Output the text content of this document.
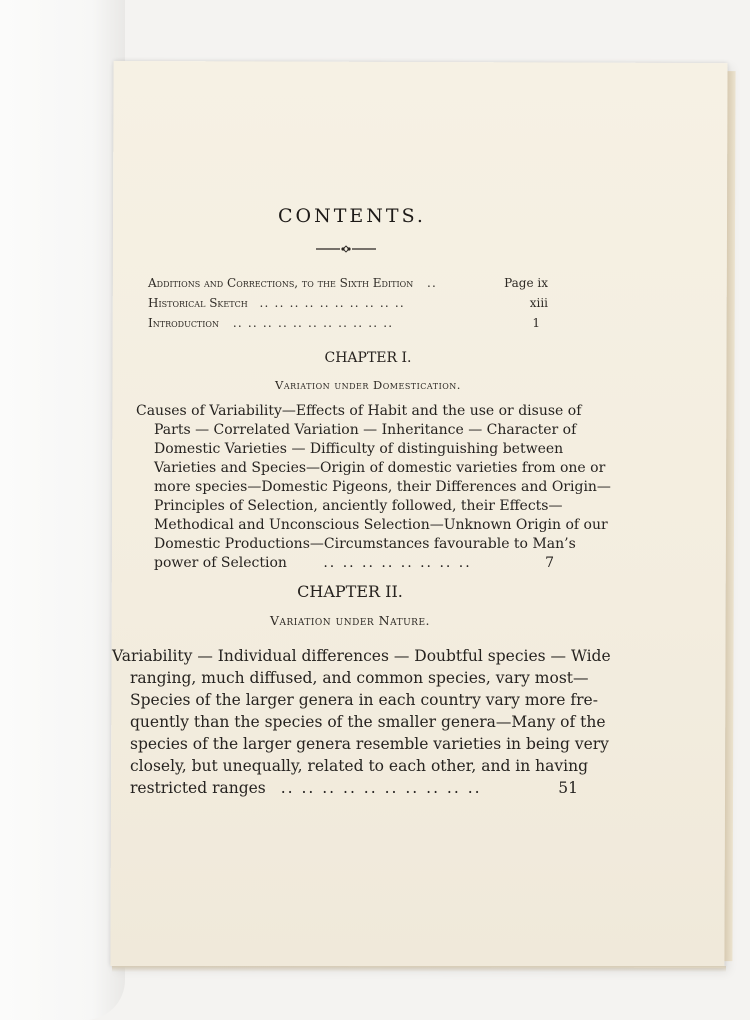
CONTENTS.
Additions and Corrections, to the Sixth Edition ..	Page ix
Historical Sketch .. .. .. .. .. .. .. .. .. ..	xiii
Introduction .. .. .. .. .. .. .. .. .. .. ..	1
CHAPTER I.
Variation under Domestication.
Causes of Variability—Effects of Habit and the use or disuse of
Parts — Correlated Variation — Inheritance — Character of
Domestic Varieties — Difficulty of distinguishing between
Varieties and Species—Origin of domestic varieties from one or
more species—Domestic Pigeons, their Differences and Origin—
Principles of Selection, anciently followed, their Effects—
Methodical and Unconscious Selection—Unknown Origin of our
Domestic Productions—Circumstances favourable to Man’s
power of Selection	.. .. .. .. .. .. .. ..	7
CHAPTER II.
Variation under Nature.
Variability — Individual differences — Doubtful species — Wide
ranging, much diffused, and common species, vary most—
Species of the larger genera in each country vary more fre-
quently than the species of the smaller genera—Many of the
species of the larger genera resemble varieties in being very
closely, but unequally, related to each other, and in having
restricted ranges .. .. .. .. .. .. .. .. .. ..	51
